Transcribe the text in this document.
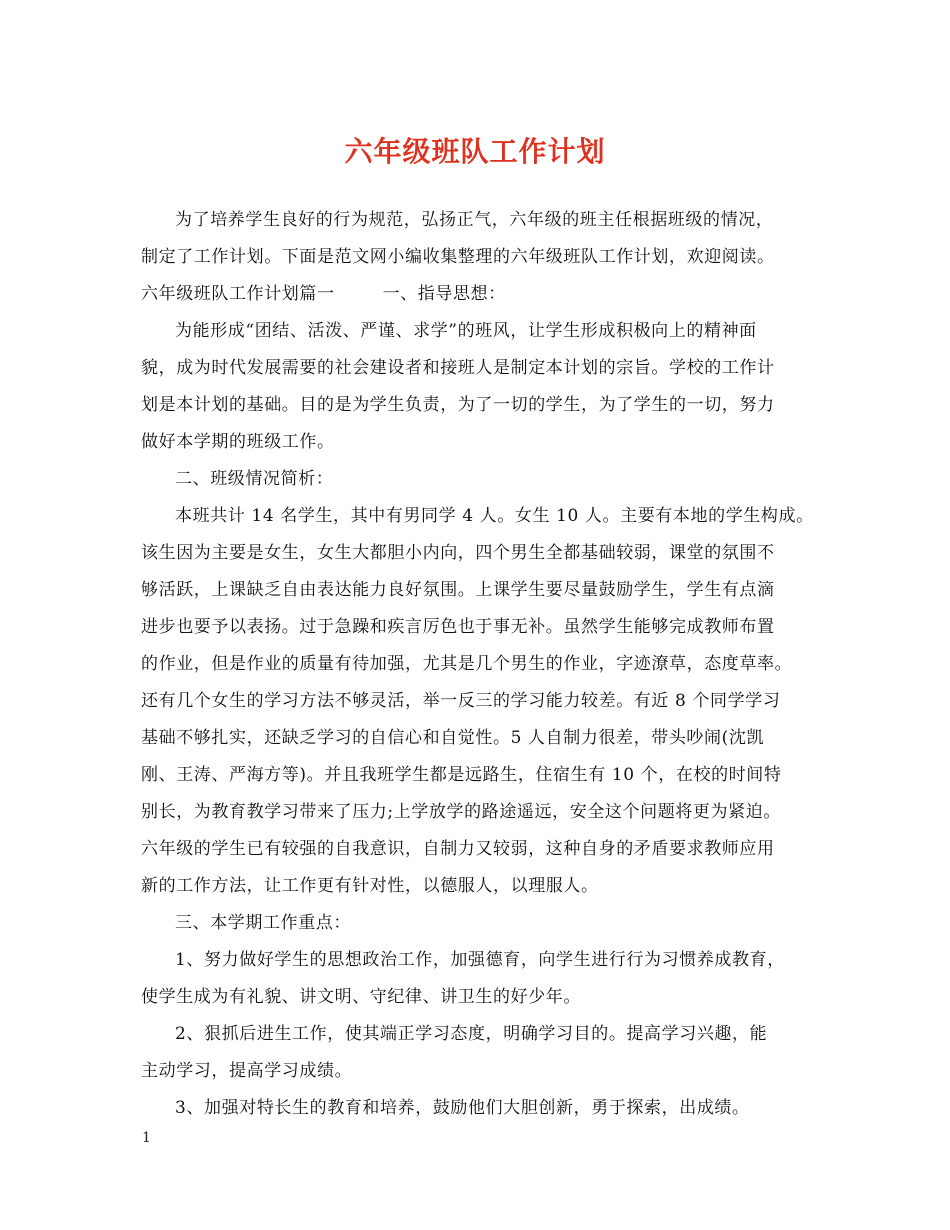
六年级班队工作计划
为了培养学生良好的行为规范，弘扬正气，六年级的班主任根据班级的情况，
制定了工作计划。下面是范文网小编收集整理的六年级班队工作计划，欢迎阅读。
六年级班队工作计划篇一	一、指导思想：
为能形成“团结、活泼、严谨、求学”的班风，让学生形成积极向上的精神面
貌，成为时代发展需要的社会建设者和接班人是制定本计划的宗旨。学校的工作计
划是本计划的基础。目的是为学生负责，为了一切的学生，为了学生的一切，努力
做好本学期的班级工作。
二、班级情况简析：
本班共计 14 名学生，其中有男同学 4 人。女生 10 人。主要有本地的学生构成。
该生因为主要是女生，女生大都胆小内向，四个男生全都基础较弱，课堂的氛围不
够活跃，上课缺乏自由表达能力良好氛围。上课学生要尽量鼓励学生，学生有点滴
进步也要予以表扬。过于急躁和疾言厉色也于事无补。虽然学生能够完成教师布置
的作业，但是作业的质量有待加强，尤其是几个男生的作业，字迹潦草，态度草率。
还有几个女生的学习方法不够灵活，举一反三的学习能力较差。有近 8 个同学学习
基础不够扎实，还缺乏学习的自信心和自觉性。5 人自制力很差，带头吵闹(沈凯
刚、王涛、严海方等)。并且我班学生都是远路生，住宿生有 10 个，在校的时间特
别长，为教育教学习带来了压力;上学放学的路途遥远，安全这个问题将更为紧迫。
六年级的学生已有较强的自我意识，自制力又较弱，这种自身的矛盾要求教师应用
新的工作方法，让工作更有针对性，以德服人，以理服人。
三、本学期工作重点：
1、努力做好学生的思想政治工作，加强德育，向学生进行行为习惯养成教育，
使学生成为有礼貌、讲文明、守纪律、讲卫生的好少年。
2、狠抓后进生工作，使其端正学习态度，明确学习目的。提高学习兴趣，能
主动学习，提高学习成绩。
3、加强对特长生的教育和培养，鼓励他们大胆创新，勇于探索，出成绩。
1
